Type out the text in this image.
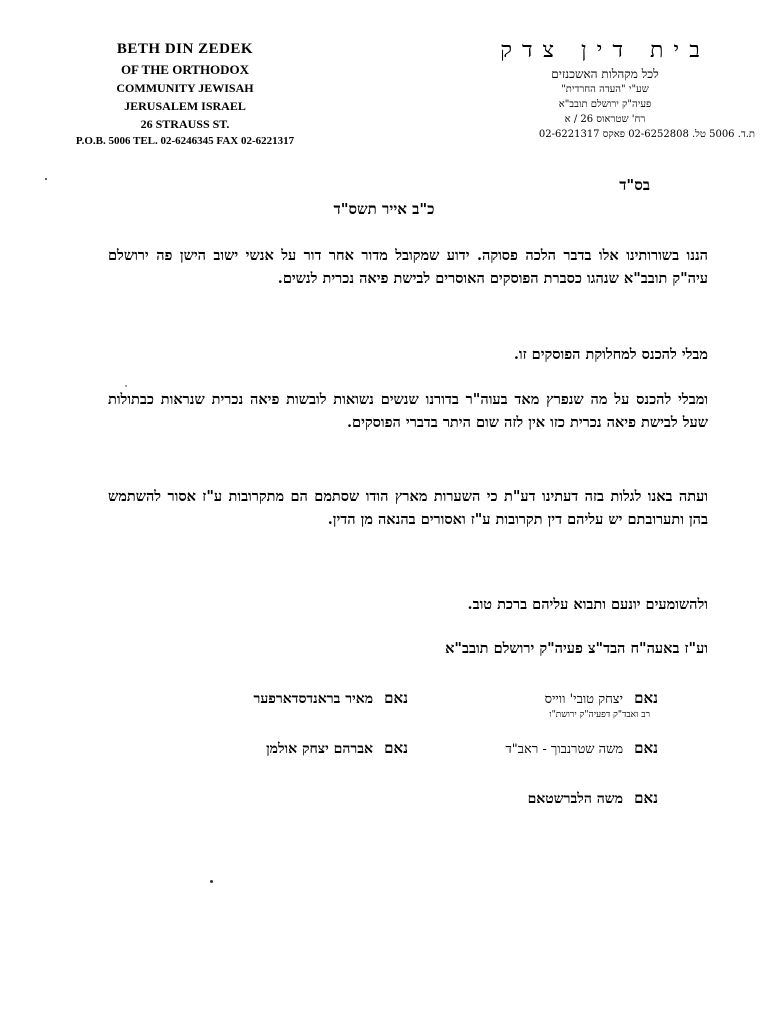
BETH DIN ZEDEK
OF THE ORTHODOX
COMMUNITY JEWISAH
JERUSALEM ISRAEL
26 STRAUSS ST.
P.O.B. 5006 TEL. 02-6246345 FAX 02-6221317
בית דין צדק
לכל מקהלות האשכנזים
שע"י "העדה החרדית"
פעיה"ק ירושלם תובב"א
רח' שטראוס 26 / א
ת.ד. 5006 טל. 02-6252808 פאקס 02-6221317
בס"ד
כ"ב אייר תשס"ד
הננו בשורותינו אלו בדבר הלכה פסוקה. ידוע שמקובל מדור אחר דור על אנשי ישוב הישן פה ירושלם עיה"ק תובב"א שנהגו כסברת הפוסקים האוסרים לבישת פיאה נכרית לנשים.
מבלי להכנס למחלוקת הפוסקים זו.
ומבלי להכנס על מה שנפרץ מאד בעוה"ר בדורנו שנשים נשואות לובשות פיאה נכרית שנראות כבתולות שעל לבישת פיאה נכרית כזו אין לזה שום היתר בדברי הפוסקים.
ועתה באנו לגלות בזה דעתינו דע"ת כי השערות מארץ הודו שסתמם הם מתקרובות ע"ז אסור להשתמש בהן ותערובתם יש עליהם דין תקרובות ע"ז ואסורים בהנאה מן הדין.
ולהשומעים יונעם ותבוא עליהם ברכת טוב.
וע"ז באעה"ח הבד"צ פעיה"ק ירושלם תובב"א
נאם יצחק טובי' ווייס
רב ואבד"ק דפעיה"ק ירושת"ו
נאם מאיר בראנדסדארפער
נאם משה שטרנבוך - ראב"ד
נאם אברהם יצחק אולמן
נאם משה הלברשטאם
